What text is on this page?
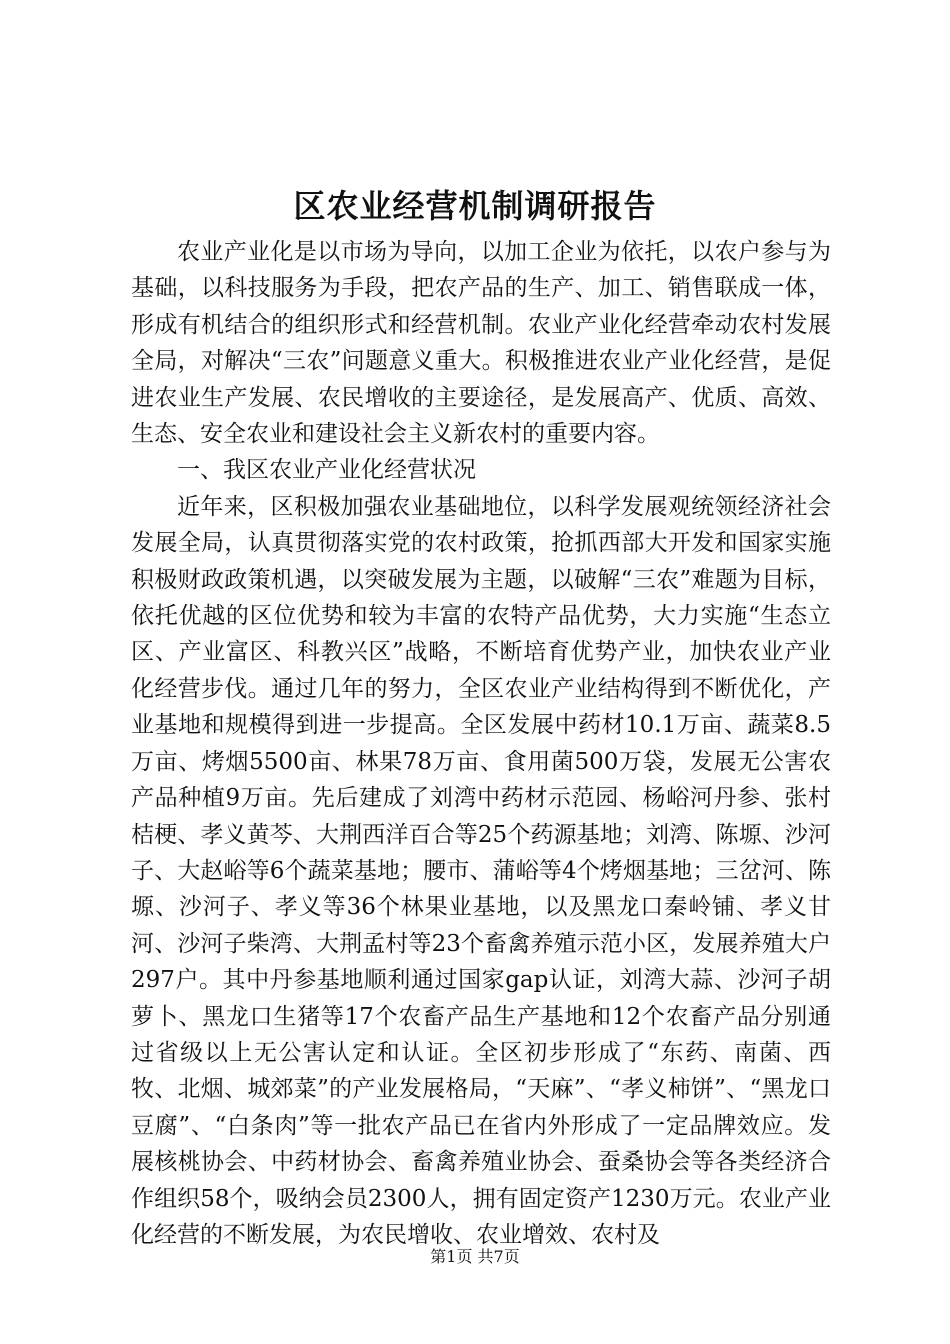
区农业经营机制调研报告

农业产业化是以市场为导向，以加工企业为依托，以农户参与为基础，以科技服务为手段，把农产品的生产、加工、销售联成一体，形成有机结合的组织形式和经营机制。农业产业化经营牵动农村发展全局，对解决“三农”问题意义重大。积极推进农业产业化经营，是促进农业生产发展、农民增收的主要途径，是发展高产、优质、高效、生态、安全农业和建设社会主义新农村的重要内容。

一、我区农业产业化经营状况

近年来，区积极加强农业基础地位，以科学发展观统领经济社会发展全局，认真贯彻落实党的农村政策，抢抓西部大开发和国家实施积极财政政策机遇，以突破发展为主题，以破解“三农”难题为目标，依托优越的区位优势和较为丰富的农特产品优势，大力实施“生态立区、产业富区、科教兴区”战略，不断培育优势产业，加快农业产业化经营步伐。通过几年的努力，全区农业产业结构得到不断优化，产业基地和规模得到进一步提高。全区发展中药材10.1万亩、蔬菜8.5万亩、烤烟5500亩、林果78万亩、食用菌500万袋，发展无公害农产品种植9万亩。先后建成了刘湾中药材示范园、杨峪河丹参、张村桔梗、孝义黄芩、大荆西洋百合等25个药源基地；刘湾、陈塬、沙河子、大赵峪等6个蔬菜基地；腰市、蒲峪等4个烤烟基地；三岔河、陈塬、沙河子、孝义等36个林果业基地，以及黑龙口秦岭铺、孝义甘河、沙河子柴湾、大荆孟村等23个畜禽养殖示范小区，发展养殖大户297户。其中丹参基地顺利通过国家gap认证，刘湾大蒜、沙河子胡萝卜、黑龙口生猪等17个农畜产品生产基地和12个农畜产品分别通过省级以上无公害认定和认证。全区初步形成了“东药、南菌、西牧、北烟、城郊菜”的产业发展格局，“天麻”、“孝义柿饼”、“黑龙口豆腐”、“白条肉”等一批农产品已在省内外形成了一定品牌效应。发展核桃协会、中药材协会、畜禽养殖业协会、蚕桑协会等各类经济合作组织58个，吸纳会员2300人，拥有固定资产1230万元。农业产业化经营的不断发展，为农民增收、农业增效、农村及

第1页 共7页
